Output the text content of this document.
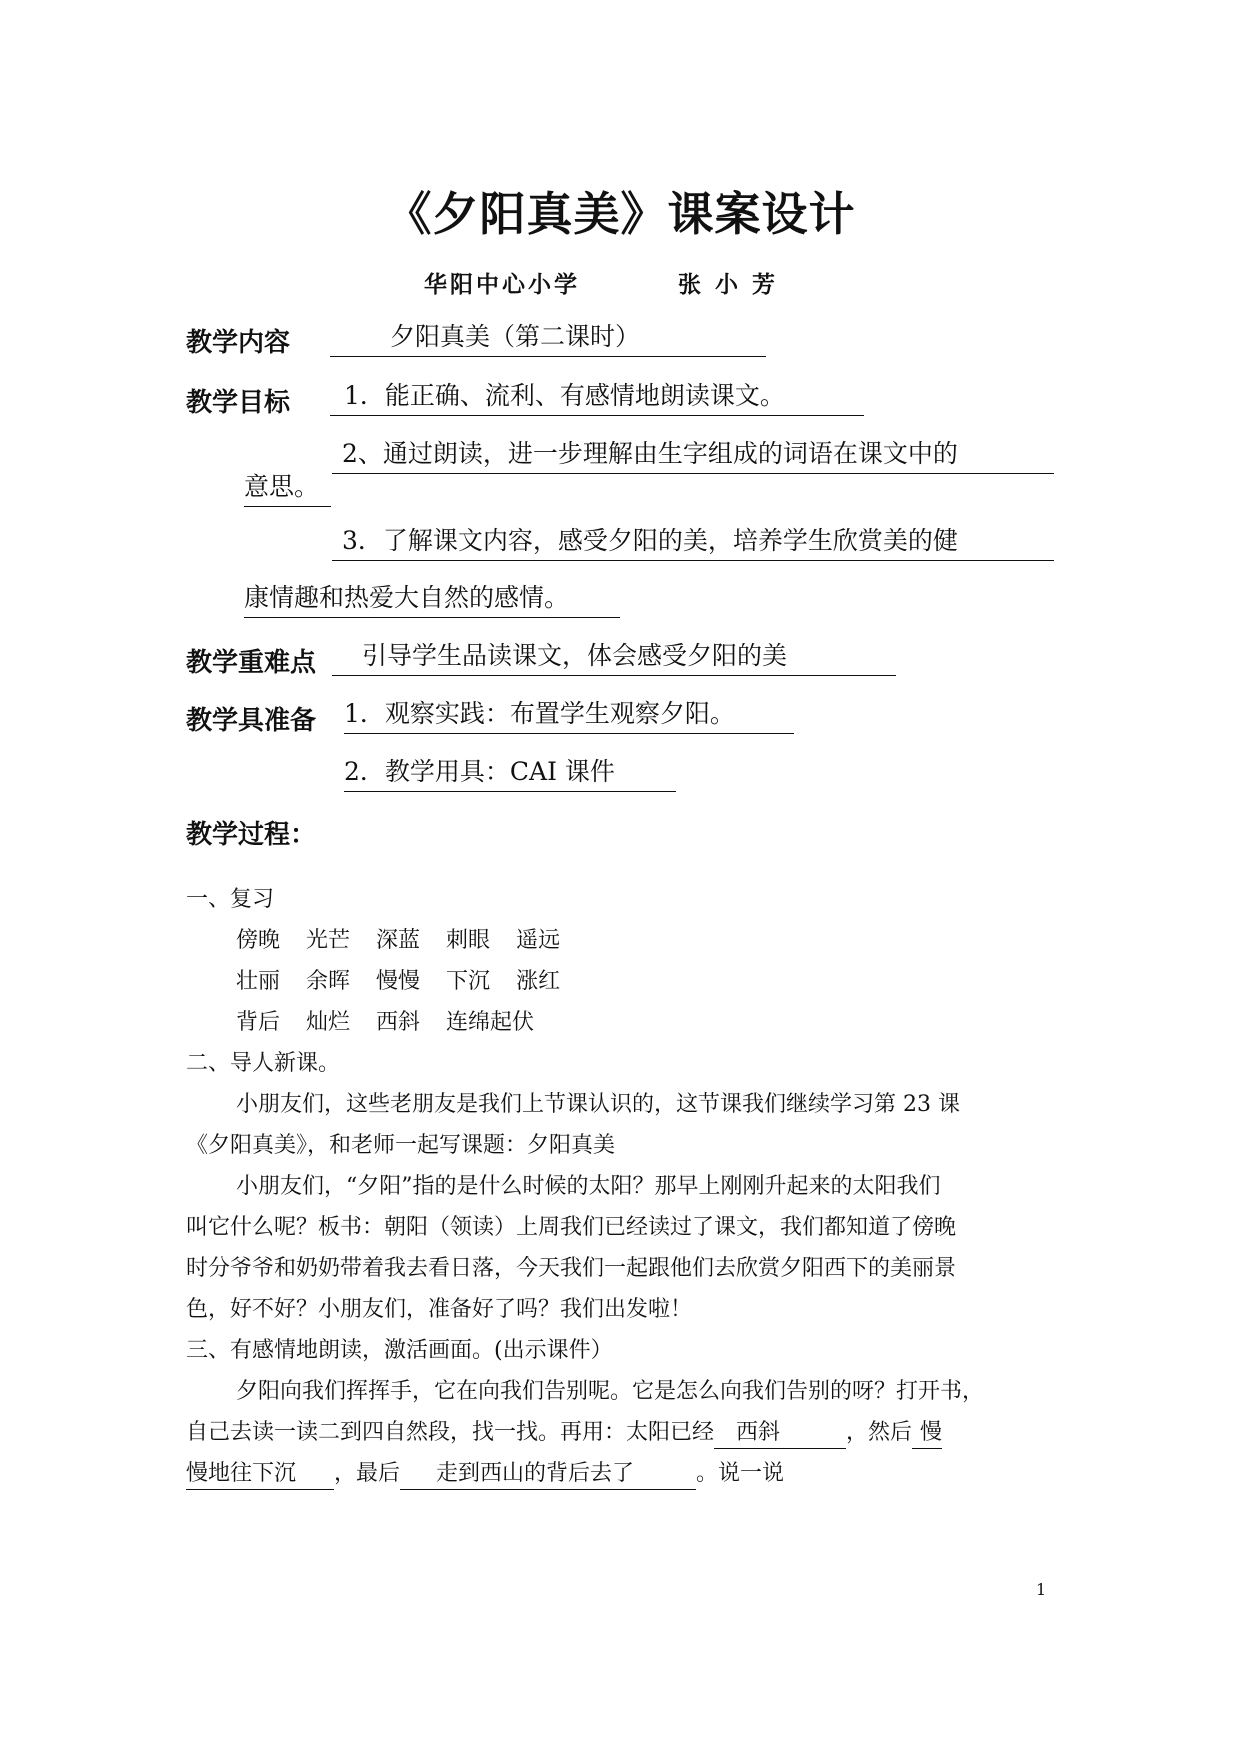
《夕阳真美》课案设计
华阳中心小学	张 小 芳
教学内容	夕阳真美（第二课时）
教学目标	1．能正确、流利、有感情地朗读课文。
2、通过朗读，进一步理解由生字组成的词语在课文中的
意思。
3．了解课文内容，感受夕阳的美，培养学生欣赏美的健
康情趣和热爱大自然的感情。
教学重难点	引导学生品读课文，体会感受夕阳的美
教学具准备 1．观察实践：布置学生观察夕阳。
2．教学用具：CAI 课件
教学过程：
一、复习
傍晚 光芒 深蓝 刺眼 遥远
壮丽 余晖 慢慢 下沉 涨红
背后 灿烂 西斜 连绵起伏
二、导人新课。
小朋友们，这些老朋友是我们上节课认识的，这节课我们继续学习第 23 课
《夕阳真美》，和老师一起写课题：夕阳真美
小朋友们，“夕阳”指的是什么时候的太阳？那早上刚刚升起来的太阳我们
叫它什么呢？板书：朝阳（领读）上周我们已经读过了课文，我们都知道了傍晚
时分爷爷和奶奶带着我去看日落，今天我们一起跟他们去欣赏夕阳西下的美丽景
色，好不好？小朋友们，准备好了吗？我们出发啦！
三、有感情地朗读，激活画面。(出示课件）
夕阳向我们挥挥手，它在向我们告别呢。它是怎么向我们告别的呀？打开书，
自己去读一读二到四自然段，找一找。再用：太阳已经 西斜	，然后 慢
慢地往下沉 ，最后 走到西山的背后去了	。说一说
1
